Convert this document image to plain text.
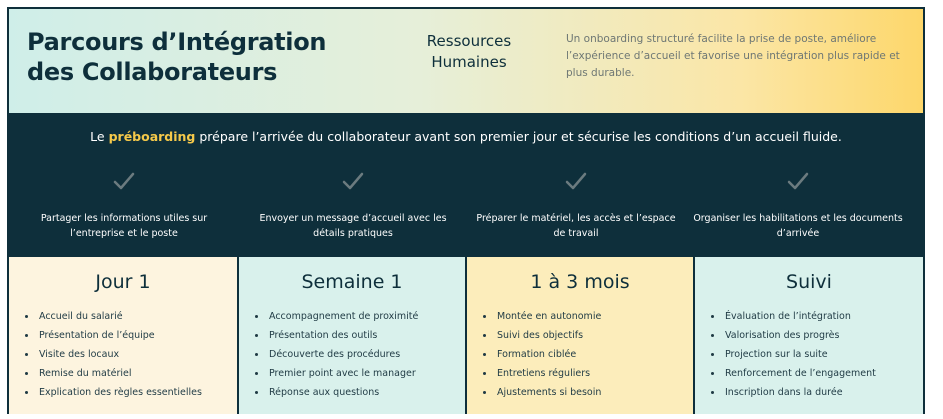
Parcours d’Intégration
des Collaborateurs
Ressources
Humaines
Un onboarding structuré facilite la prise de poste, améliore l’expérience d’accueil et favorise une intégration plus rapide et plus durable.
Le préboarding prépare l’arrivée du collaborateur avant son premier jour et sécurise les conditions d’un accueil fluide.
Partager les informations utiles sur l’entreprise et le poste
Envoyer un message d’accueil avec les détails pratiques
Préparer le matériel, les accès et l’espace de travail
Organiser les habilitations et les documents d’arrivée
Jour 1
• Accueil du salarié
• Présentation de l’équipe
• Visite des locaux
• Remise du matériel
• Explication des règles essentielles
Semaine 1
• Accompagnement de proximité
• Présentation des outils
• Découverte des procédures
• Premier point avec le manager
• Réponse aux questions
1 à 3 mois
• Montée en autonomie
• Suivi des objectifs
• Formation ciblée
• Entretiens réguliers
• Ajustements si besoin
Suivi
• Évaluation de l’intégration
• Valorisation des progrès
• Projection sur la suite
• Renforcement de l’engagement
• Inscription dans la durée
